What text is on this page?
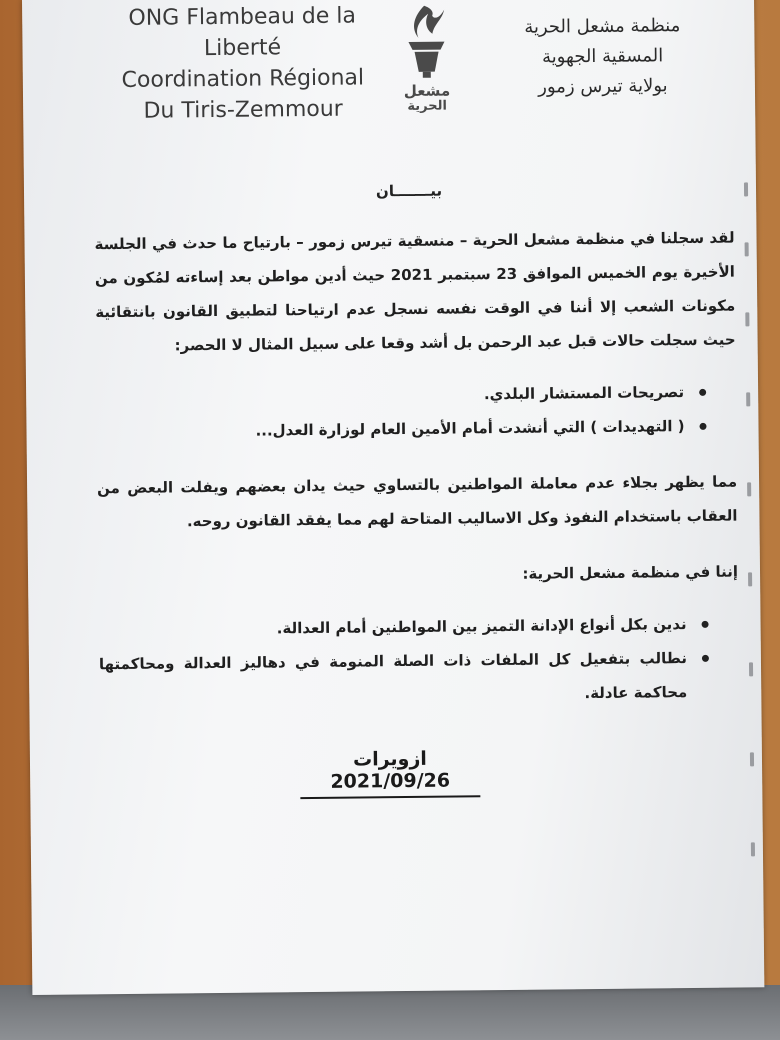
ONG Flambeau de la
Liberté
Coordination Régional
Du Tiris-Zemmour
مشعل
الحرية
منظمة مشعل الحرية
المسقية الجهوية
بولاية تيرس زمور
بيـــــــان

لقد سجلنا في منظمة مشعل الحرية – منسقية تيرس زمور – بارتياح ما حدث في الجلسة الأخيرة يوم الخميس الموافق 23 سبتمبر 2021 حيث أدين مواطن بعد إساءته لمُكون من مكونات الشعب إلا أننا في الوقت نفسه نسجل عدم ارتياحنا لتطبيق القانون بانتقائية حيث سجلت حالات قبل عبد الرحمن بل أشد وقعا على سبيل المثال لا الحصر:

تصريحات المستشار البلدي.
( التهديدات ) التي أنشدت أمام الأمين العام لوزارة العدل...

مما يظهر بجلاء عدم معاملة المواطنين بالتساوي حيث يدان بعضهم ويفلت البعض من العقاب باستخدام النفوذ وكل الاساليب المتاحة لهم مما يفقد القانون روحه.

إننا في منظمة مشعل الحرية:

ندين بكل أنواع الإدانة التميز بين المواطنين أمام العدالة.
نطالب بتفعيل كل الملفات ذات الصلة المنومة في دهاليز العدالة ومحاكمتها محاكمة عادلة.
ازويرات 2021/09/26
